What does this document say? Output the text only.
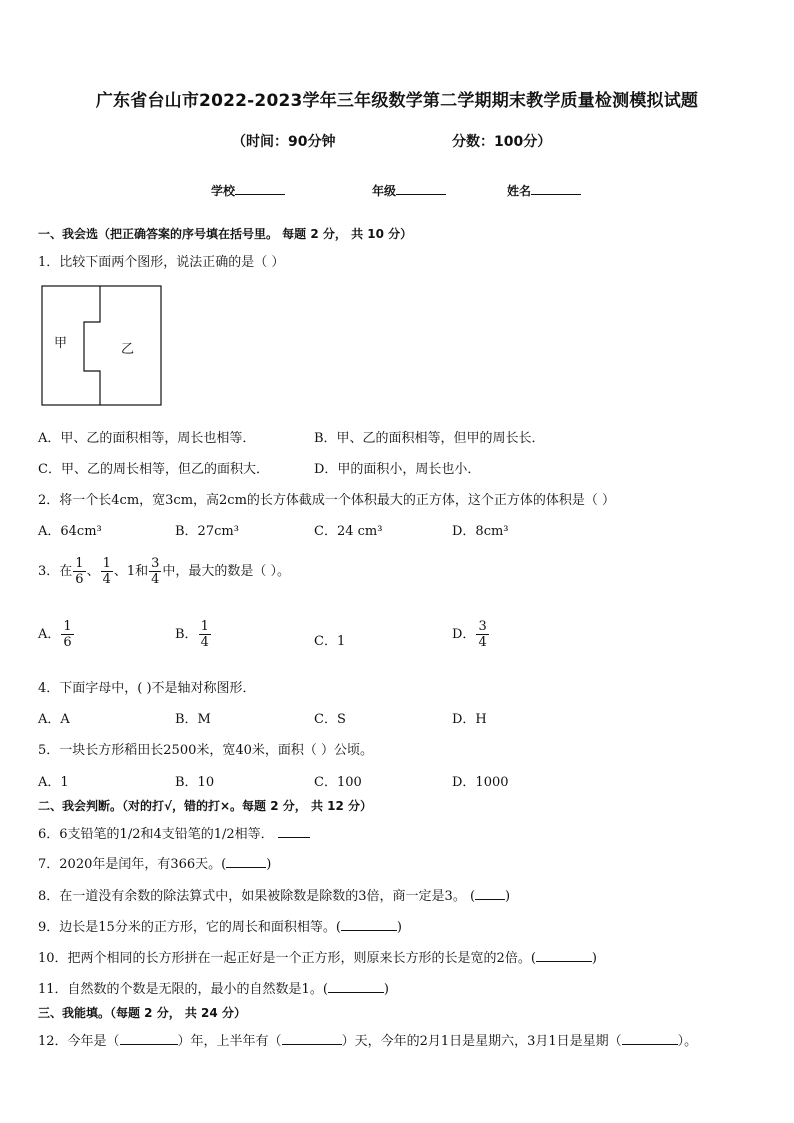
广东省台山市2022-2023学年三年级数学第二学期期末教学质量检测模拟试题
（时间：90分钟	分数：100分）
学校	年级	姓名
一、我会选（把正确答案的序号填在括号里。 每题 2 分， 共 10 分）
1．比较下面两个图形，说法正确的是（ ）
甲	乙
A．甲、乙的面积相等，周长也相等．	B．甲、乙的面积相等，但甲的周长长．
C．甲、乙的周长相等，但乙的面积大．	D．甲的面积小，周长也小．
2．将一个长4cm，宽3cm，高2cm的长方体截成一个体积最大的正方体，这个正方体的体积是（ ）
A．64cm³	B．27cm³	C．24 cm³	D．8cm³
3．在 $\frac{1}{6}$ 、 $\frac{1}{4}$ 、1和 $\frac{3}{4}$ 中，最大的数是（ ）。
A． $\frac{1}{6}$	B． $\frac{1}{4}$	C．1	D． $\frac{3}{4}$
4．下面字母中，( )不是轴对称图形．
A．A	B．M	C．S	D．H
5．一块长方形稻田长2500米，宽40米，面积（ ）公顷。
A．1	B．10	C．100	D．1000
二、我会判断。（对的打√，错的打×。每题 2 分， 共 12 分）
6．6支铅笔的1/2和4支铅笔的1/2相等．
7．2020年是闰年，有366天。(	)
8．在一道没有余数的除法算式中，如果被除数是除数的3倍，商一定是3。 ( )
9．边长是15分米的正方形，它的周长和面积相等。(	)
10．把两个相同的长方形拼在一起正好是一个正方形，则原来长方形的长是宽的2倍。(	)
11．自然数的个数是无限的，最小的自然数是1。(	)
三、我能填。（每题 2 分， 共 24 分）
12．今年是（	）年，上半年有（	）天，今年的2月1日是星期六，3月1日是星期（	）。
